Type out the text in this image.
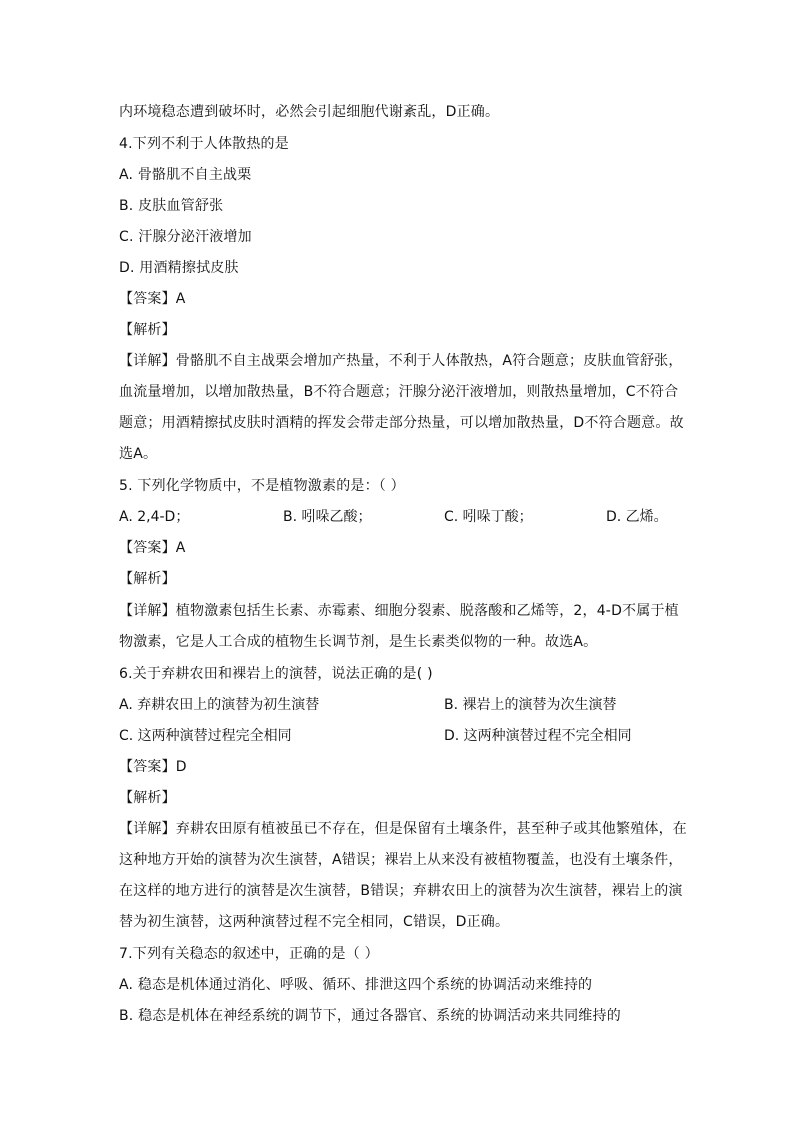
内环境稳态遭到破坏时，必然会引起细胞代谢紊乱，D正确。
4.下列不利于人体散热的是
A. 骨骼肌不自主战栗
B. 皮肤血管舒张
C. 汗腺分泌汗液增加
D. 用酒精擦拭皮肤
【答案】A
【解析】
【详解】骨骼肌不自主战栗会增加产热量，不利于人体散热，A符合题意；皮肤血管舒张，
血流量增加，以增加散热量，B不符合题意；汗腺分泌汗液增加，则散热量增加，C不符合
题意；用酒精擦拭皮肤时酒精的挥发会带走部分热量，可以增加散热量，D不符合题意。故
选A。
5. 下列化学物质中，不是植物激素的是：（ ）
A. 2,4-D；	B. 吲哚乙酸；	C. 吲哚丁酸；	D. 乙烯。
【答案】A
【解析】
【详解】植物激素包括生长素、赤霉素、细胞分裂素、脱落酸和乙烯等，2，4-D不属于植
物激素，它是人工合成的植物生长调节剂，是生长素类似物的一种。故选A。
6.关于弃耕农田和裸岩上的演替，说法正确的是( )
A. 弃耕农田上的演替为初生演替	B. 裸岩上的演替为次生演替
C. 这两种演替过程完全相同	D. 这两种演替过程不完全相同
【答案】D
【解析】
【详解】弃耕农田原有植被虽已不存在，但是保留有土壤条件，甚至种子或其他繁殖体，在
这种地方开始的演替为次生演替，A错误；裸岩上从来没有被植物覆盖，也没有土壤条件，
在这样的地方进行的演替是次生演替，B错误；弃耕农田上的演替为次生演替，裸岩上的演
替为初生演替，这两种演替过程不完全相同，C错误，D正确。
7.下列有关稳态的叙述中，正确的是（ ）
A. 稳态是机体通过消化、呼吸、循环、排泄这四个系统的协调活动来维持的
B. 稳态是机体在神经系统的调节下，通过各器官、系统的协调活动来共同维持的
